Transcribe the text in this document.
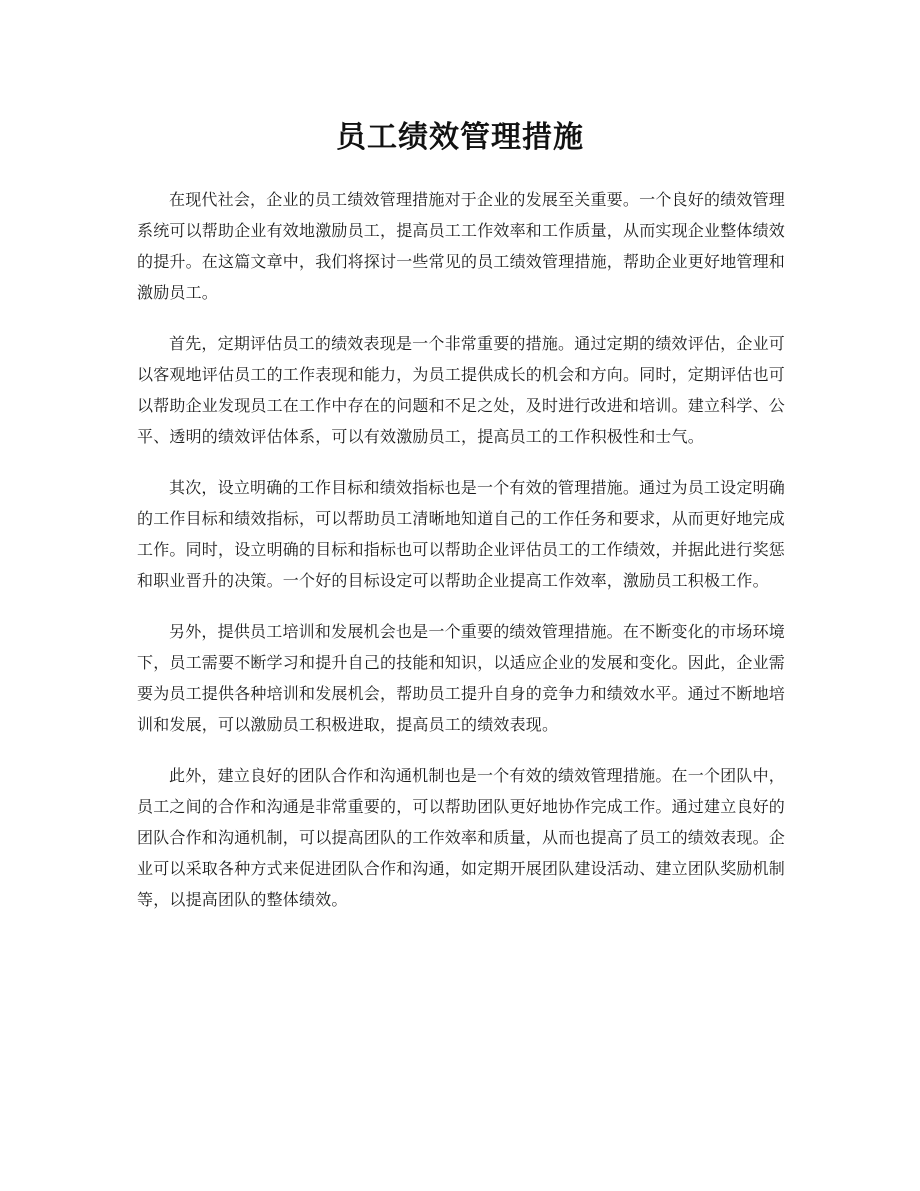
员工绩效管理措施

在现代社会，企业的员工绩效管理措施对于企业的发展至关重要。一个良好的绩效管理系统可以帮助企业有效地激励员工，提高员工工作效率和工作质量，从而实现企业整体绩效的提升。在这篇文章中，我们将探讨一些常见的员工绩效管理措施，帮助企业更好地管理和激励员工。

首先，定期评估员工的绩效表现是一个非常重要的措施。通过定期的绩效评估，企业可以客观地评估员工的工作表现和能力，为员工提供成长的机会和方向。同时，定期评估也可以帮助企业发现员工在工作中存在的问题和不足之处，及时进行改进和培训。建立科学、公平、透明的绩效评估体系，可以有效激励员工，提高员工的工作积极性和士气。

其次，设立明确的工作目标和绩效指标也是一个有效的管理措施。通过为员工设定明确的工作目标和绩效指标，可以帮助员工清晰地知道自己的工作任务和要求，从而更好地完成工作。同时，设立明确的目标和指标也可以帮助企业评估员工的工作绩效，并据此进行奖惩和职业晋升的决策。一个好的目标设定可以帮助企业提高工作效率，激励员工积极工作。

另外，提供员工培训和发展机会也是一个重要的绩效管理措施。在不断变化的市场环境下，员工需要不断学习和提升自己的技能和知识，以适应企业的发展和变化。因此，企业需要为员工提供各种培训和发展机会，帮助员工提升自身的竞争力和绩效水平。通过不断地培训和发展，可以激励员工积极进取，提高员工的绩效表现。

此外，建立良好的团队合作和沟通机制也是一个有效的绩效管理措施。在一个团队中，员工之间的合作和沟通是非常重要的，可以帮助团队更好地协作完成工作。通过建立良好的团队合作和沟通机制，可以提高团队的工作效率和质量，从而也提高了员工的绩效表现。企业可以采取各种方式来促进团队合作和沟通，如定期开展团队建设活动、建立团队奖励机制等，以提高团队的整体绩效。
